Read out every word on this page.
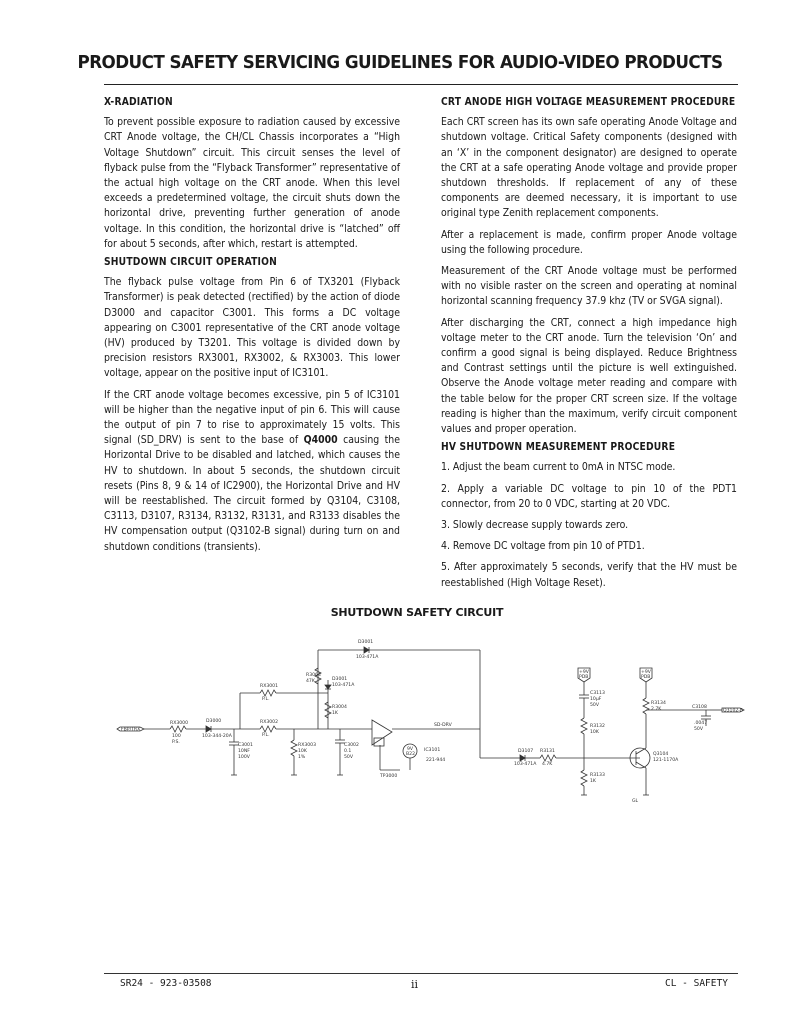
PRODUCT SAFETY SERVICING GUIDELINES FOR AUDIO-VIDEO PRODUCTS
X-RADIATION

To prevent possible exposure to radiation caused by excessive CRT Anode voltage, the CH/CL Chassis incorporates a “High Voltage Shutdown” circuit. This circuit senses the level of flyback pulse from the “Flyback Transformer” representative of the actual high voltage on the CRT anode. When this level exceeds a predetermined voltage, the circuit shuts down the horizontal drive, preventing further generation of anode voltage. In this condition, the horizontal drive is “latched” off for about 5 seconds, after which, restart is attempted.

SHUTDOWN CIRCUIT OPERATION

The flyback pulse voltage from Pin 6 of TX3201 (Flyback Transformer) is peak detected (rectified) by the action of diode D3000 and capacitor C3001. This forms a DC voltage appearing on C3001 representative of the CRT anode voltage (HV) produced by T3201. This voltage is divided down by precision resistors RX3001, RX3002, & RX3003. This lower voltage, appear on the positive input of IC3101.

If the CRT anode voltage becomes excessive, pin 5 of IC3101 will be higher than the negative input of pin 6. This will cause the output of pin 7 to rise to approximately 15 volts. This signal (SD_DRV) is sent to the base of Q4000 causing the Horizontal Drive to be disabled and latched, which causes the HV to shutdown. In about 5 seconds, the shutdown circuit resets (Pins 8, 9 & 14 of IC2900), the Horizontal Drive and HV will be reestablished. The circuit formed by Q3104, C3108, C3113, D3107, R3134, R3132, R3131, and R3133 disables the HV compensation output (Q3102-B signal) during turn on and shutdown conditions (transients).

CRT ANODE HIGH VOLTAGE MEASUREMENT PROCEDURE

Each CRT screen has its own safe operating Anode Voltage and shutdown voltage. Critical Safety components (designed with an ‘X’ in the component designator) are designed to operate the CRT at a safe operating Anode voltage and provide proper shutdown thresholds. If replacement of any of these components are deemed necessary, it is important to use original type Zenith replacement components.

After a replacement is made, confirm proper Anode voltage using the following procedure.

Measurement of the CRT Anode voltage must be performed with no visible raster on the screen and operating at nominal horizontal scanning frequency 37.9 khz (TV or SVGA signal).

After discharging the CRT, connect a high impedance high voltage meter to the CRT anode. Turn the television ‘On’ and confirm a good signal is being displayed. Reduce Brightness and Contrast settings until the picture is well extinguished. Observe the Anode voltage meter reading and compare with the table below for the proper CRT screen size. If the voltage reading is higher than the maximum, verify circuit component values and proper operation.

HV SHUTDOWN MEASUREMENT PROCEDURE

1. Adjust the beam current to 0mA in NTSC mode.

2. Apply a variable DC voltage to pin 10 of the PDT1 connector, from 20 to 0 VDC, starting at 20 VDC.

3. Slowly decrease supply towards zero.

4. Remove DC voltage from pin 10 of PTD1.

5. After approximately 5 seconds, verify that the HV must be reestablished (High Voltage Reset).

SHUTDOWN SAFETY CIRCUIT
FBP/TRX
RX3000
100
P.S.
D3000
103-344-20A
RX3002
P.L.
RX3001
P.L.
C3001
10NF
100V
RX3003
10K
1%
C3002
0.1
50V
D3001
103-471A
R3064
47K	D3001
103-471A
R3004
1K
SD-DRV
IC3101
221-944
TP3000
9V
B22
+9V
PDB
+9V
PDB
C3113
10µF
50V
R3132
10K
R3134
2.7K	C3108
.0047
50V
Q3102-B
D3107
103-471A
R3131
4.7K
R3133
1K
Q3104
121-1170A
GL
SR24 - 923-03508	ii	CL - SAFETY
